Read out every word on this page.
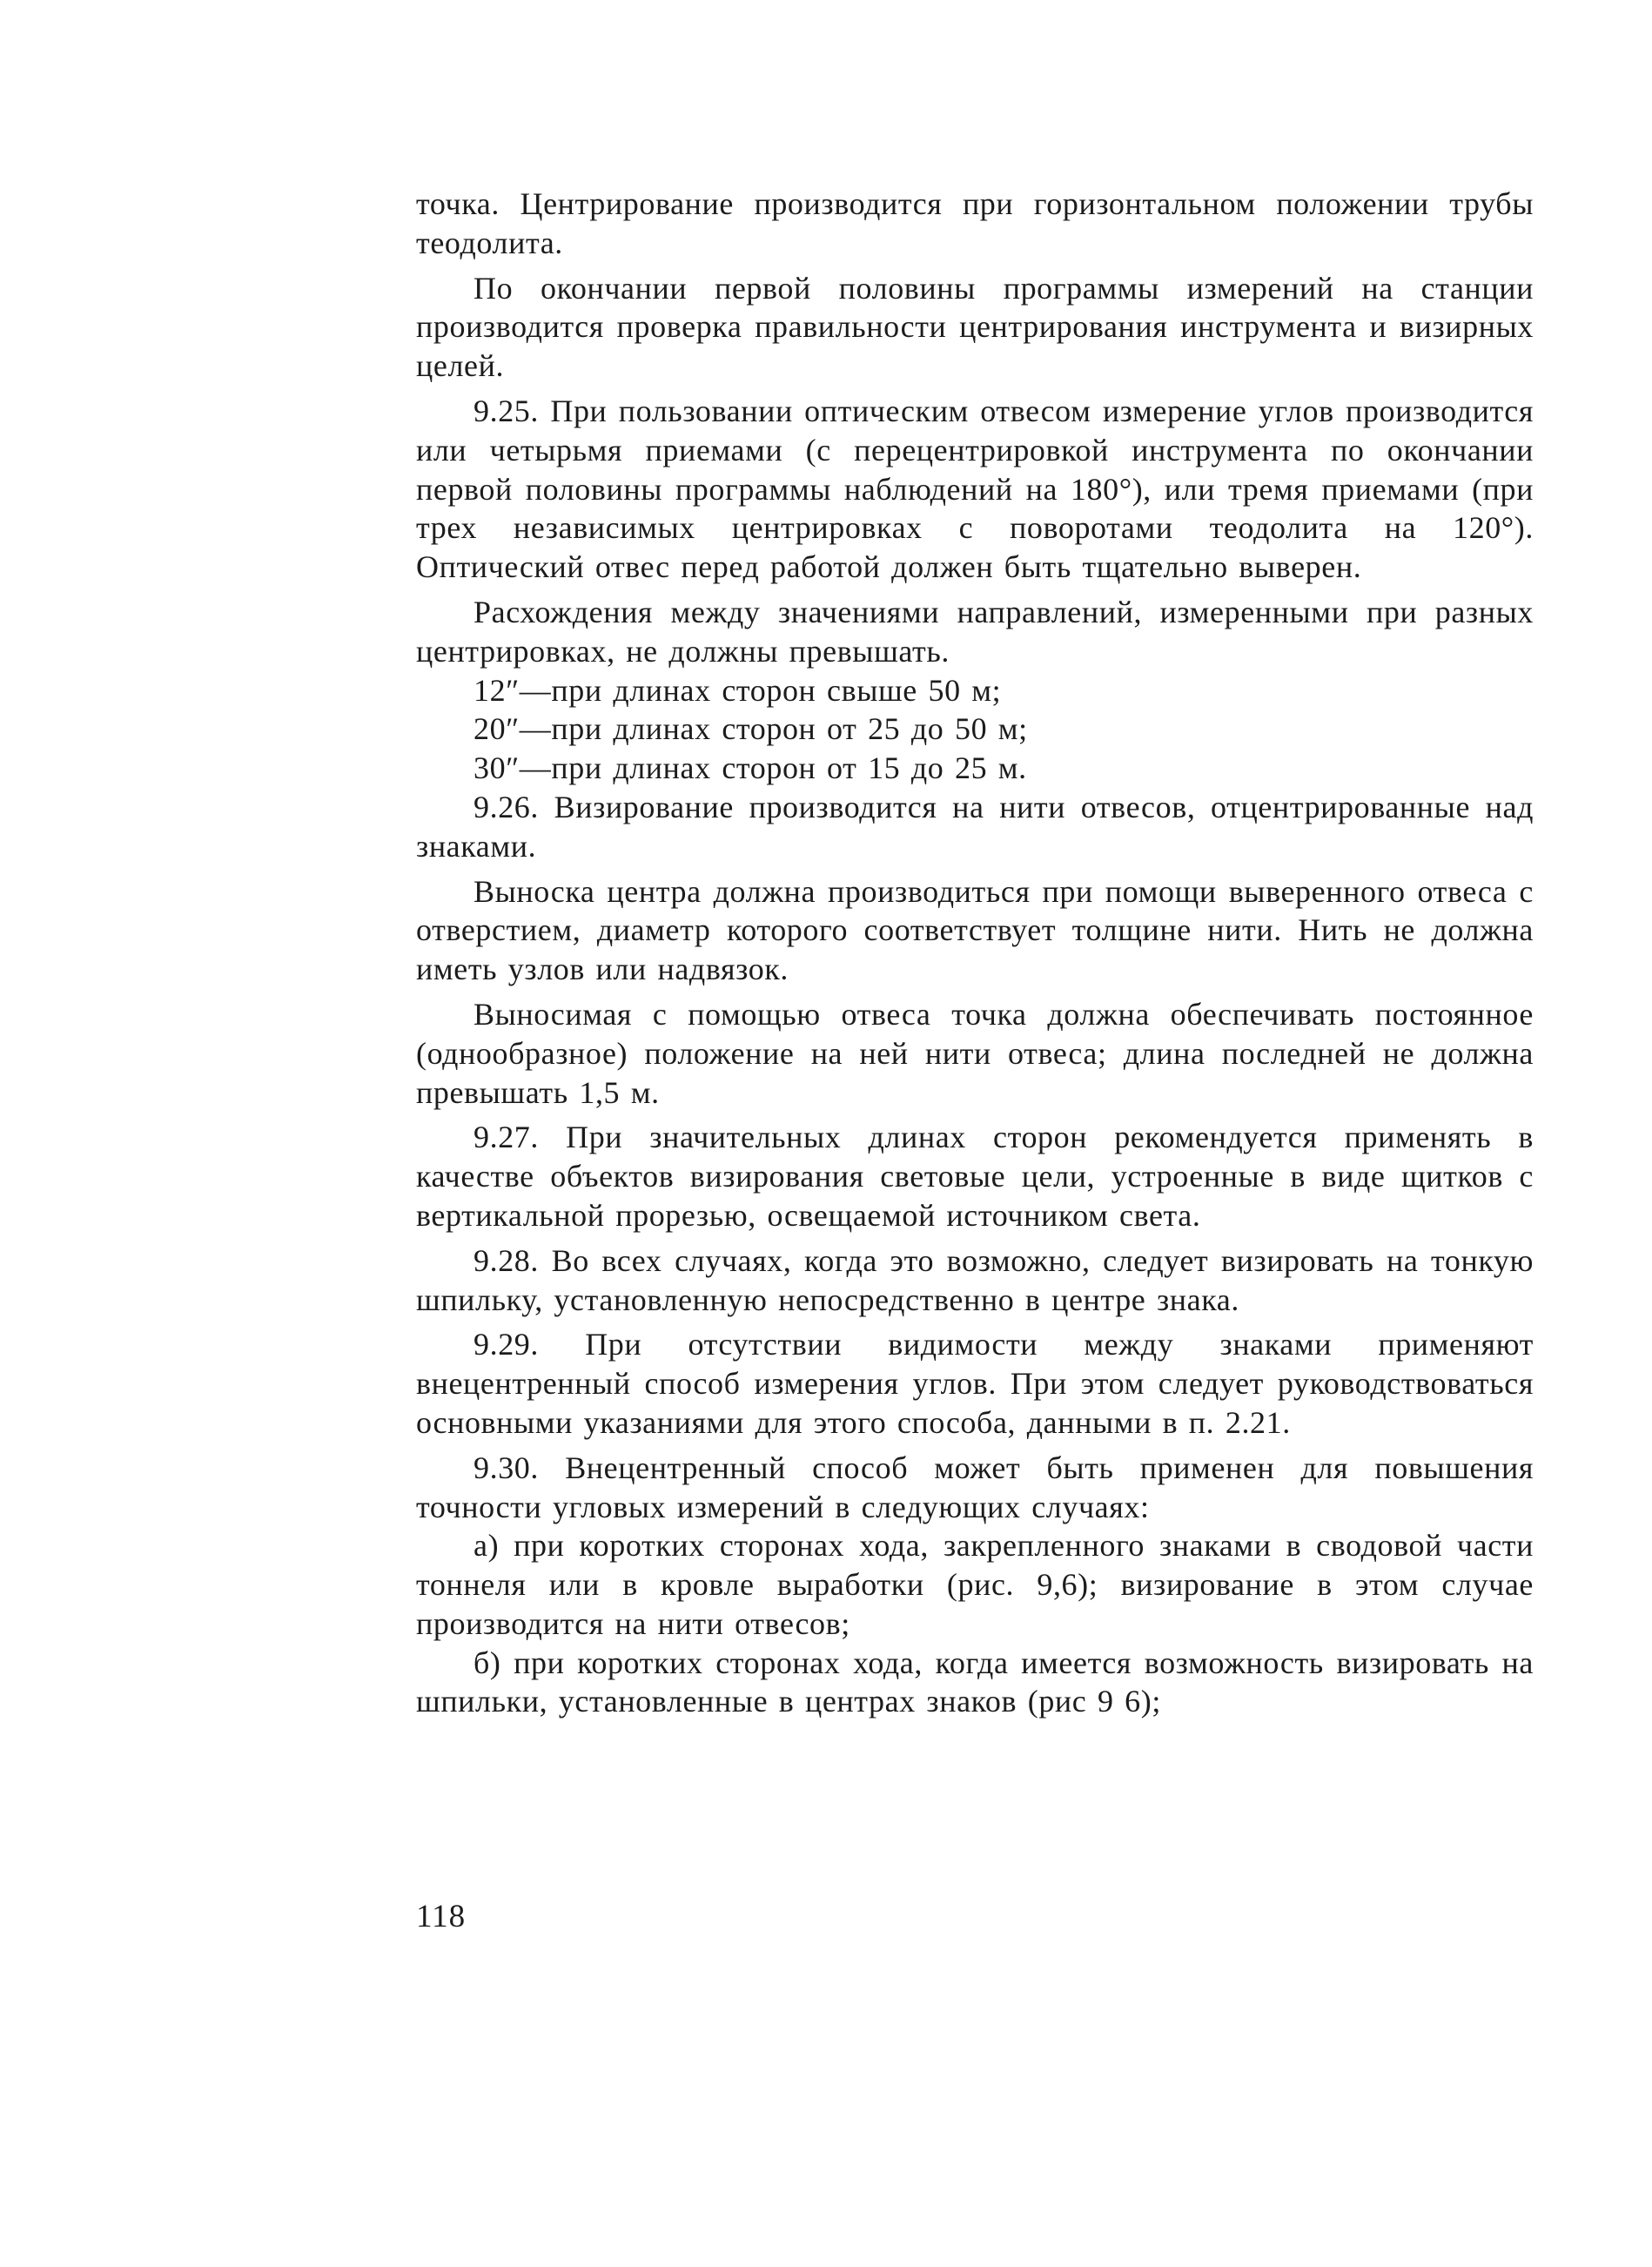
точка. Центрирование производится при горизонтальном положении трубы теодолита.

По окончании первой половины программы измерений на станции производится проверка правильности центрирования инструмента и визирных целей.

9.25. При пользовании оптическим отвесом измерение углов производится или четырьмя приемами (с перецентрировкой инструмента по окончании первой половины программы наблюдений на 180°), или тремя приемами (при трех независимых центрировках с поворотами теодолита на 120°). Оптический отвес перед работой должен быть тщательно выверен.

Расхождения между значениями направлений, измеренными при разных центрировках, не должны превышать.

12″—при длинах сторон свыше 50 м;

20″—при длинах сторон от 25 до 50 м;

30″—при длинах сторон от 15 до 25 м.

9.26. Визирование производится на нити отвесов, отцентрированные над знаками.

Выноска центра должна производиться при помощи выверенного отвеса с отверстием, диаметр которого соответствует толщине нити. Нить не должна иметь узлов или надвязок.

Выносимая с помощью отвеса точка должна обеспечивать постоянное (однообразное) положение на ней нити отвеса; длина последней не должна превышать 1,5 м.

9.27. При значительных длинах сторон рекомендуется применять в качестве объектов визирования световые цели, устроенные в виде щитков с вертикальной прорезью, освещаемой источником света.

9.28. Во всех случаях, когда это возможно, следует визировать на тонкую шпильку, установленную непосредственно в центре знака.

9.29. При отсутствии видимости между знаками применяют внецентренный способ измерения углов. При этом следует руководствоваться основными указаниями для этого способа, данными в п. 2.21.

9.30. Внецентренный способ может быть применен для повышения точности угловых измерений в следующих случаях:

а) при коротких сторонах хода, закрепленного знаками в сводовой части тоннеля или в кровле выработки (рис. 9,6); визирование в этом случае производится на нити отвесов;

б) при коротких сторонах хода, когда имеется возможность визировать на шпильки, установленные в центрах знаков (рис 9 6);

118
